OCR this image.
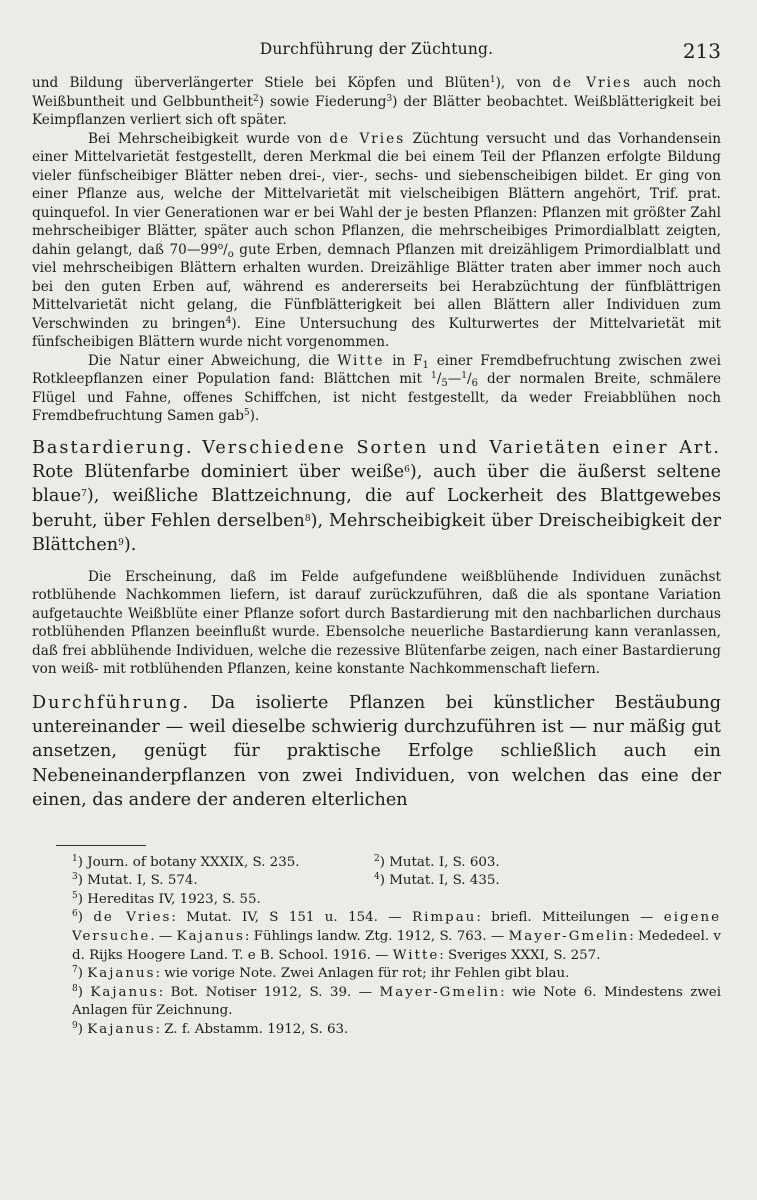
Durchführung der Züchtung.	213

und Bildung überverlängerter Stiele bei Köpfen und Blüten$^1$), von de Vries auch noch Weißbuntheit und Gelbbuntheit$^2$) sowie Fiederung$^3$) der Blätter beobachtet. Weißblätterigkeit bei Keimpflanzen verliert sich oft später.

Bei Mehrscheibigkeit wurde von de Vries Züchtung versucht und das Vorhandensein einer Mittelvarietät festgestellt, deren Merkmal die bei einem Teil der Pflanzen erfolgte Bildung vieler fünfscheibiger Blätter neben drei-, vier-, sechs- und siebenscheibigen bildet. Er ging von einer Pflanze aus, welche der Mittelvarietät mit vielscheibigen Blättern angehört, Trif. prat. quinquefol. In vier Generationen war er bei Wahl der je besten Pflanzen: Pflanzen mit größter Zahl mehrscheibiger Blätter, später auch schon Pflanzen, die mehrscheibiges Primordialblatt zeigten, dahin gelangt, daß $70—99^o/_o$ gute Erben, demnach Pflanzen mit dreizähligem Primordialblatt und viel mehrscheibigen Blättern erhalten wurden. Dreizählige Blätter traten aber immer noch auch bei den guten Erben auf, während es andererseits bei Herabzüchtung der fünfblättrigen Mittelvarietät nicht gelang, die Fünfblätterigkeit bei allen Blättern aller Individuen zum Verschwinden zu bringen$^4$). Eine Untersuchung des Kulturwertes der Mittelvarietät mit fünfscheibigen Blättern wurde nicht vorgenommen.

Die Natur einer Abweichung, die Witte in $F_1$ einer Fremdbefruchtung zwischen zwei Rotkleepflanzen einer Population fand: Blättchen mit $^1/_5—^1/_6$ der normalen Breite, schmälere Flügel und Fahne, offenes Schiffchen, ist nicht festgestellt, da weder Freiabblühen noch Fremdbefruchtung Samen gab$^5$).

Bastardierung. Verschiedene Sorten und Varietäten einer Art. Rote Blütenfarbe dominiert über weiße$^6$), auch über die äußerst seltene blaue$^7$), weißliche Blattzeichnung, die auf Lockerheit des Blattgewebes beruht, über Fehlen derselben$^8$), Mehrscheibigkeit über Dreischeibigkeit der Blättchen$^9$).

Die Erscheinung, daß im Felde aufgefundene weißblühende Individuen zunächst rotblühende Nachkommen liefern, ist darauf zurückzuführen, daß die als spontane Variation aufgetauchte Weißblüte einer Pflanze sofort durch Bastardierung mit den nachbarlichen durchaus rotblühenden Pflanzen beeinflußt wurde. Ebensolche neuerliche Bastardierung kann veranlassen, daß frei abblühende Individuen, welche die rezessive Blütenfarbe zeigen, nach einer Bastardierung von weiß- mit rotblühenden Pflanzen, keine konstante Nachkommenschaft liefern.

Durchführung. Da isolierte Pflanzen bei künstlicher Bestäubung untereinander — weil dieselbe schwierig durchzuführen ist — nur mäßig gut ansetzen, genügt für praktische Erfolge schließlich auch ein Nebeneinanderpflanzen von zwei Individuen, von welchen das eine der einen, das andere der anderen elterlichen

$^1$) Journ. of botany XXXIX, S. 235.	$^2$) Mutat. I, S. 603.
$^3$) Mutat. I, S. 574.	$^4$) Mutat. I, S. 435.
$^5$) Hereditas IV, 1923, S. 55.

$^6$) de Vries: Mutat. IV, S 151 u. 154. — Rimpau: briefl. Mitteilungen — eigene Versuche. — Kajanus: Fühlings landw. Ztg. 1912, S. 763. — Mayer-Gmelin: Mededeel. v d. Rijks Hoogere Land. T. e B. School. 1916. — Witte: Sveriges XXXI, S. 257.

$^7$) Kajanus: wie vorige Note. Zwei Anlagen für rot; ihr Fehlen gibt blau.

$^8$) Kajanus: Bot. Notiser 1912, S. 39. — Mayer-Gmelin: wie Note 6. Mindestens zwei Anlagen für Zeichnung.

$^9$) Kajanus: Z. f. Abstamm. 1912, S. 63.
